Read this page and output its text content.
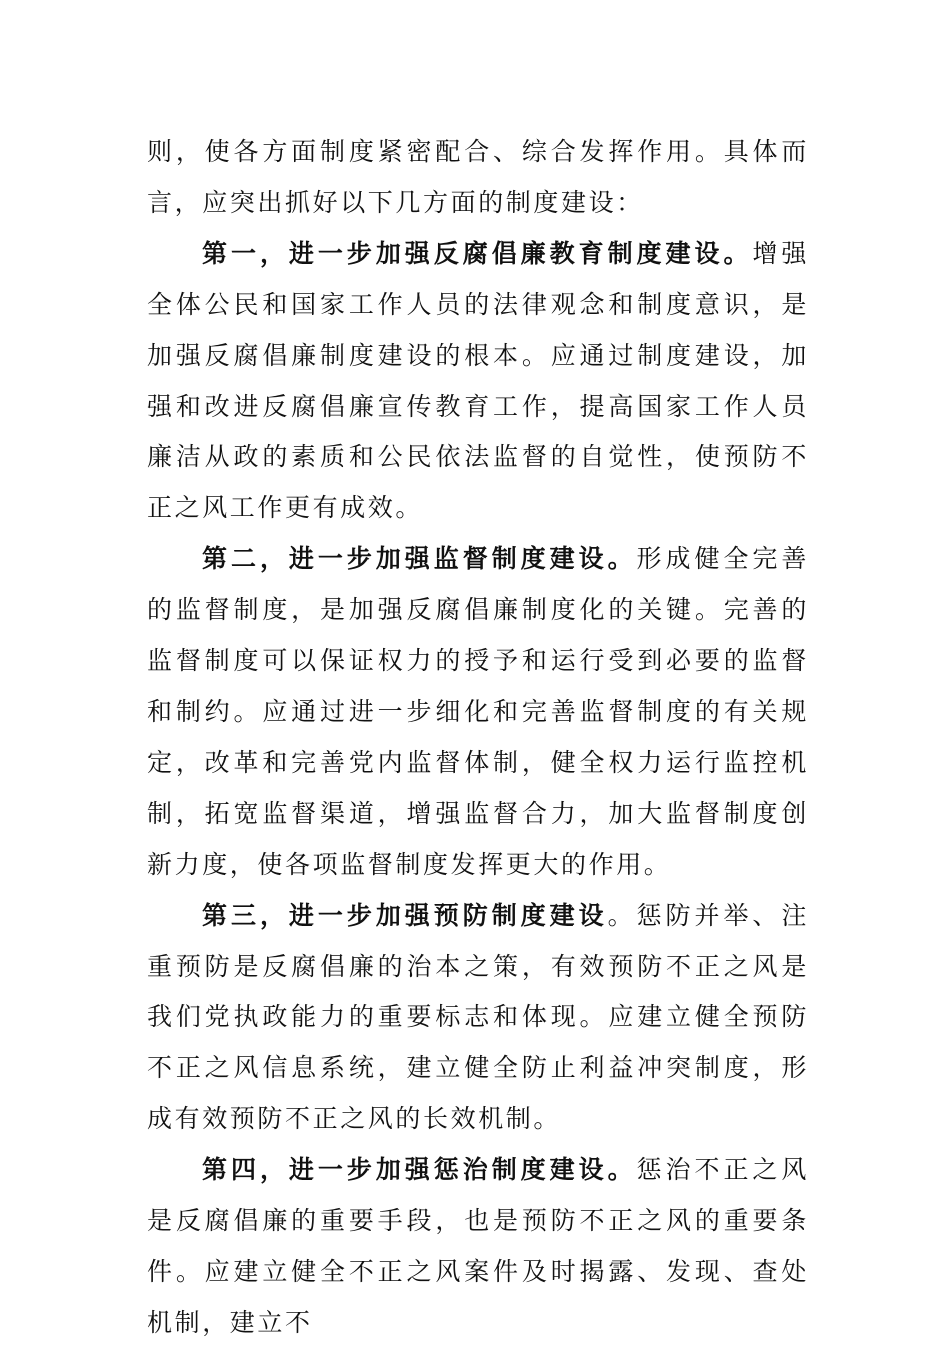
则，使各方面制度紧密配合、综合发挥作用。具体而言，应突出抓好以下几方面的制度建设：

第一，进一步加强反腐倡廉教育制度建设。增强全体公民和国家工作人员的法律观念和制度意识，是加强反腐倡廉制度建设的根本。应通过制度建设，加强和改进反腐倡廉宣传教育工作，提高国家工作人员廉洁从政的素质和公民依法监督的自觉性，使预防不正之风工作更有成效。

第二，进一步加强监督制度建设。形成健全完善的监督制度，是加强反腐倡廉制度化的关键。完善的监督制度可以保证权力的授予和运行受到必要的监督和制约。应通过进一步细化和完善监督制度的有关规定，改革和完善党内监督体制，健全权力运行监控机制，拓宽监督渠道，增强监督合力，加大监督制度创新力度，使各项监督制度发挥更大的作用。

第三，进一步加强预防制度建设。惩防并举、注重预防是反腐倡廉的治本之策，有效预防不正之风是我们党执政能力的重要标志和体现。应建立健全预防不正之风信息系统，建立健全防止利益冲突制度，形成有效预防不正之风的长效机制。

第四，进一步加强惩治制度建设。惩治不正之风是反腐倡廉的重要手段，也是预防不正之风的重要条件。应建立健全不正之风案件及时揭露、发现、查处机制，建立不
